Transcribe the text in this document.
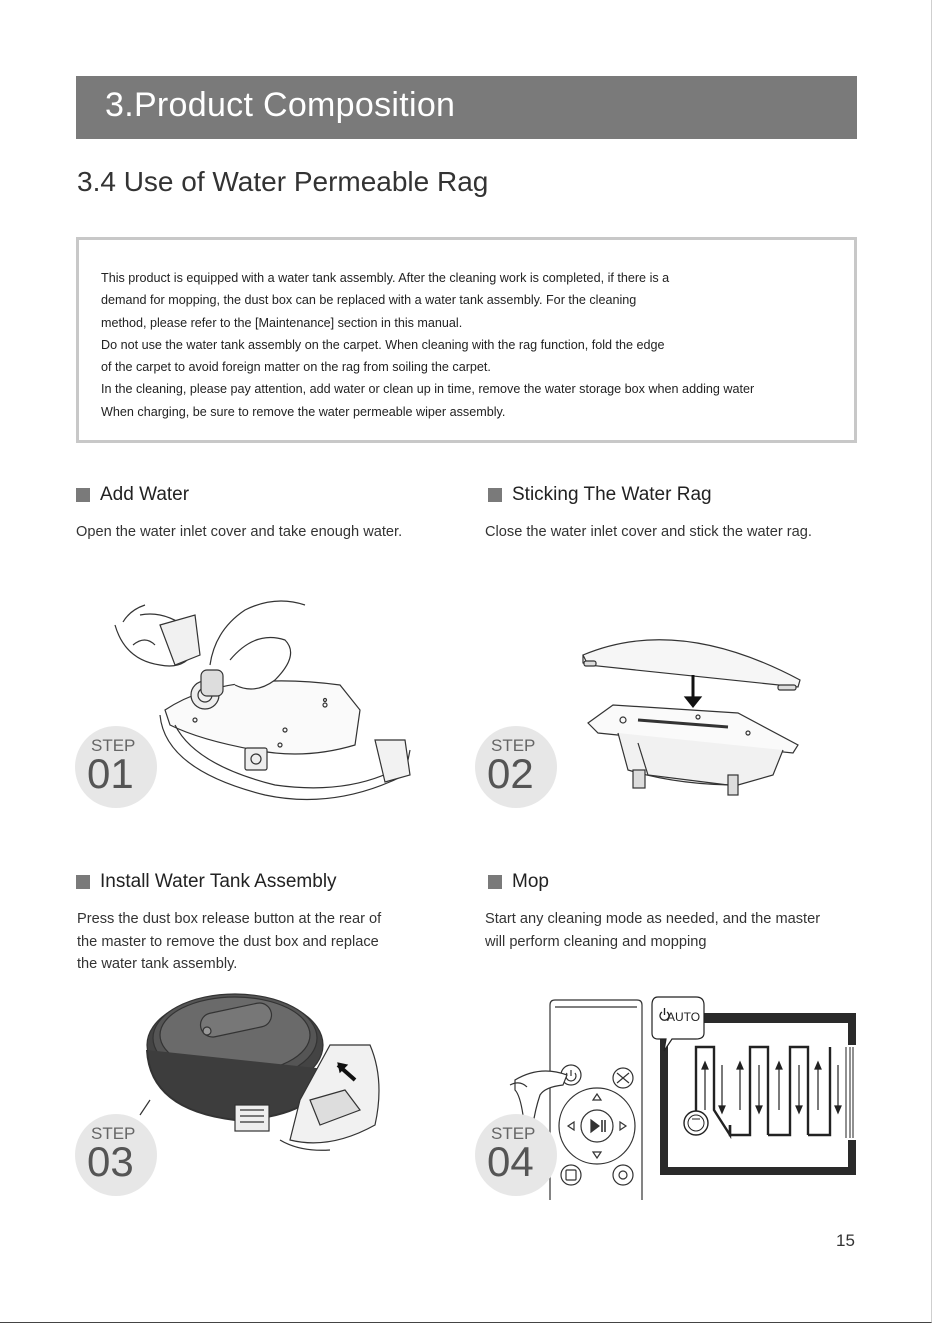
3.Product Composition
3.4 Use of Water Permeable Rag
This product is equipped with a water tank assembly. After the cleaning work is completed, if there is a
demand for mopping, the dust box can be replaced with a water tank assembly. For the cleaning
method, please refer to the [Maintenance] section in this manual.
Do not use the water tank assembly on the carpet. When cleaning with the rag function, fold the edge
of the carpet to avoid foreign matter on the rag from soiling the carpet.
In the cleaning, please pay attention, add water or clean up in time, remove the water storage box when adding water
When charging, be sure to remove the water permeable wiper assembly.
Add Water
Open the water inlet cover and take enough water.
STEP
01
Sticking The Water Rag
Close the water inlet cover and stick the water rag.
STEP
02
Install Water Tank Assembly
Press the dust box release button at the rear of
the master to remove the dust box and replace
the water tank assembly.
STEP
03
Mop
Start any cleaning mode as needed, and the master
will perform cleaning and mopping
AUTO
STEP
04
15
